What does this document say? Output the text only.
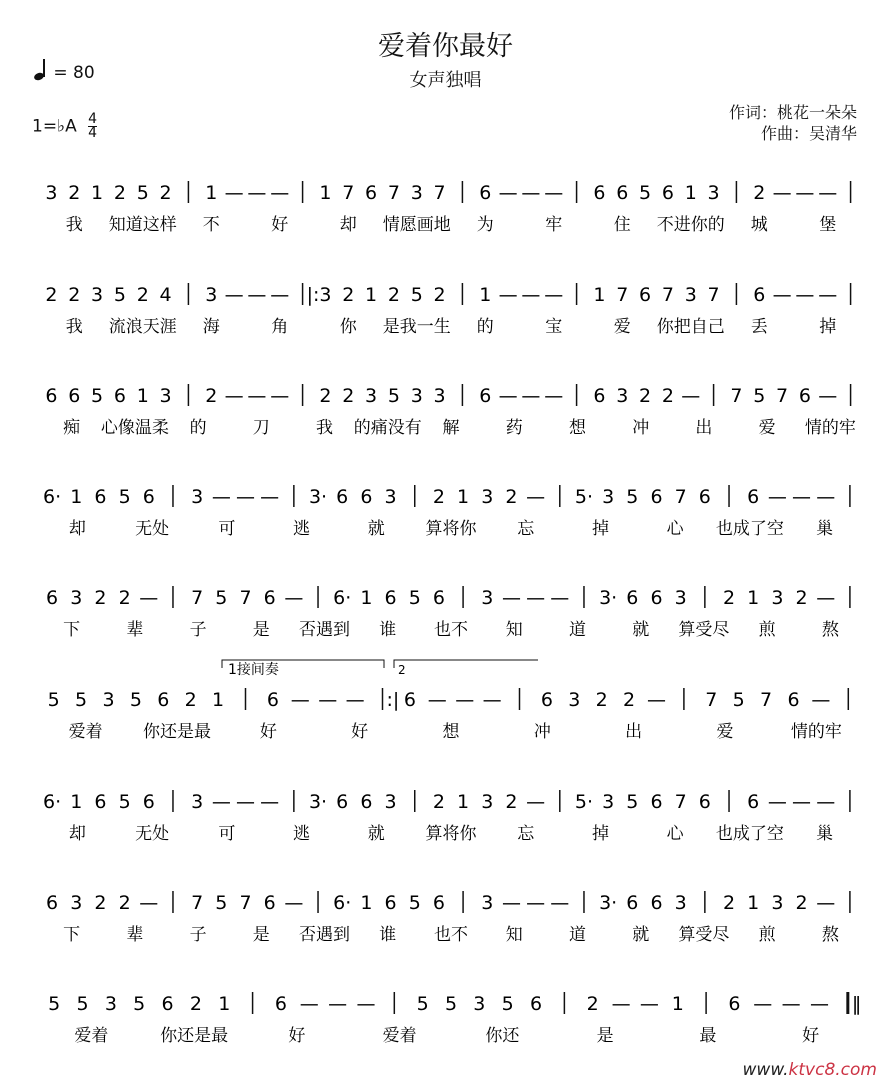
爱着你最好
女声独唱
= 80
1=♭A $\frac{4}{4}$
作词：桃花一朵朵
作曲：吴清华
3 2 1 2 5 2 1 — — — 1 7 6 7 3 7 6 — — — 6 6 5 6 1 3 2 — — —
我 知道这样 不	好	却 情愿画地 为	牢	住 不进你的 城	堡
2 2 3 5 2 4 3 — — — |: 3 2 1 2 5 2 1 — — — 1 7 6 7 3 7 6 — — —
我 流浪天涯 海	角	你 是我一生 的	宝	爱 你把自己 丢	掉
6 6 5 6 1 3 2 — — — 2 2 3 5 3 3 6 — — — 6 3 2 2 — 7 5 7 6 —
痴 心像温柔 的	刀	我 的痛没有 解	药	想	冲	出	爱 情的牢
6· 1 6 5 6 3 — — — 3· 6 6 3 2 1 3 2 — 5· 3 5 6 7 6 6 — — —
却	无处	可	逃	就 算将你 忘	掉	心 也成了空 巢
6 3 2 2 — 7 5 7 6 — 6· 1 6 5 6 3 — — — 3· 6 6 3 2 1 3 2 —
下	辈	子	是 否遇到 谁 也不 知	道	就 算受尽 煎	熬
5 5 3 5 6 2 1 6 — — — :| 6 — — — 6 3 2 2 — 7 5 7 6 —
爱着 你还是最	好	好	想	冲	出	爱	情的牢
6· 1 6 5 6 3 — — — 3· 6 6 3 2 1 3 2 — 5· 3 5 6 7 6 6 — — —
却	无处	可	逃	就 算将你 忘	掉	心 也成了空 巢
6 3 2 2 — 7 5 7 6 — 6· 1 6 5 6 3 — — — 3· 6 6 3 2 1 3 2 —
下	辈	子	是 否遇到 谁 也不 知	道	就 算受尽 煎	熬
5 5 3 5 6 2 1 6 — — — 5 5 3 5 6 2 — — 1 6 — — — ‖
爱着	你还是最	好	爱着	你还	是	最	好
1接间奏	2
www.ktvc8.com
